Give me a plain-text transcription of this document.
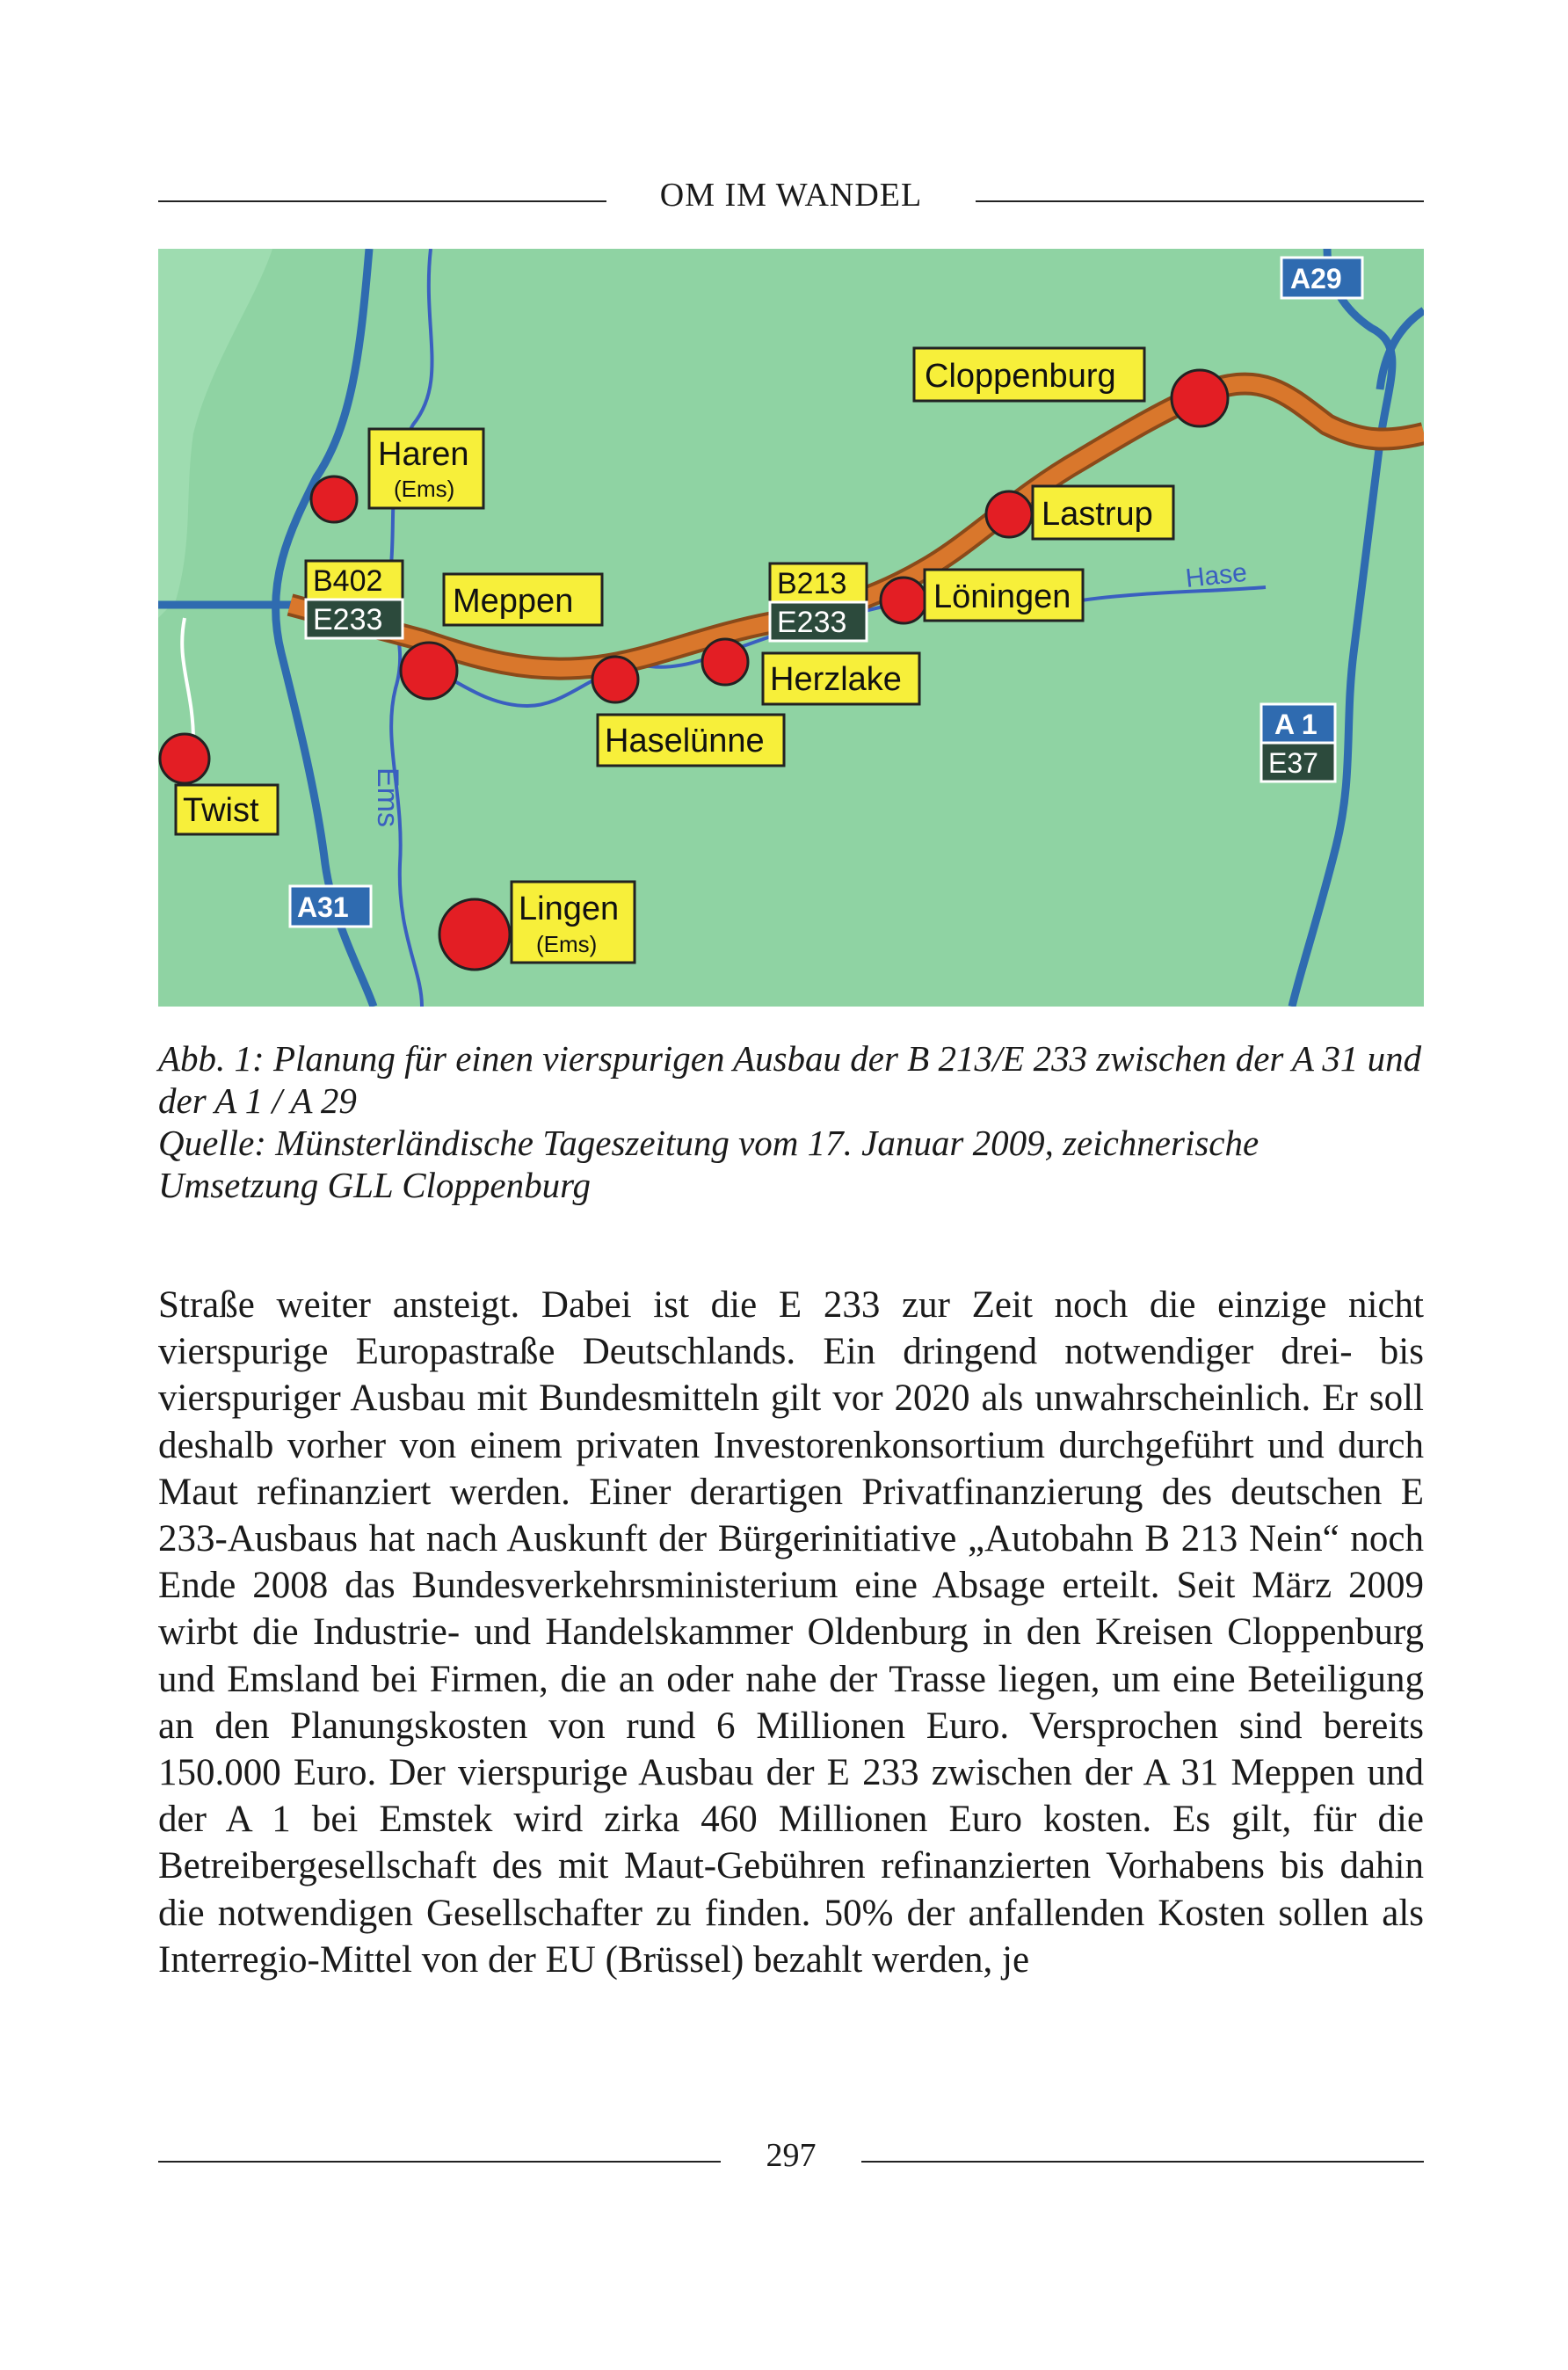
OM IM WANDEL
Cloppenburg
Lastrup
Löningen
Haren
(Ems)
Meppen
Herzlake
Haselünne
Twist
Lingen
(Ems)
Hase
Ems
A29
B402
E233
B213
E233
A 1
E37
A31

Abb. 1: Planung für einen vierspurigen Ausbau der B 213/E 233 zwischen der A 31 und der A 1 / A 29

Quelle: Münsterländische Tageszeitung vom 17. Januar 2009, zeichnerische Umsetzung GLL Cloppenburg

Straße weiter ansteigt. Dabei ist die E 233 zur Zeit noch die einzige nicht vierspurige Europastraße Deutschlands. Ein dringend notwendiger drei- bis vierspuriger Ausbau mit Bundesmitteln gilt vor 2020 als unwahrscheinlich. Er soll deshalb vorher von einem privaten Investorenkonsortium durchgeführt und durch Maut refinanziert werden. Einer derartigen Privatfinanzierung des deutschen E 233-Ausbaus hat nach Auskunft der Bürgerinitiative „Autobahn B 213 Nein“ noch Ende 2008 das Bundesverkehrsministerium eine Absage erteilt. Seit März 2009 wirbt die Industrie- und Handelskammer Oldenburg in den Kreisen Cloppenburg und Emsland bei Firmen, die an oder nahe der Trasse liegen, um eine Beteiligung an den Planungskosten von rund 6 Millionen Euro. Versprochen sind bereits 150.000 Euro. Der vierspurige Ausbau der E 233 zwischen der A 31 Meppen und der A 1 bei Emstek wird zirka 460 Millionen Euro kosten. Es gilt, für die Betreibergesellschaft des mit Maut-Gebühren refinanzierten Vorhabens bis dahin die notwendigen Gesellschafter zu finden. 50% der anfallenden Kosten sollen als Interregio-Mittel von der EU (Brüssel) bezahlt werden, je

297
